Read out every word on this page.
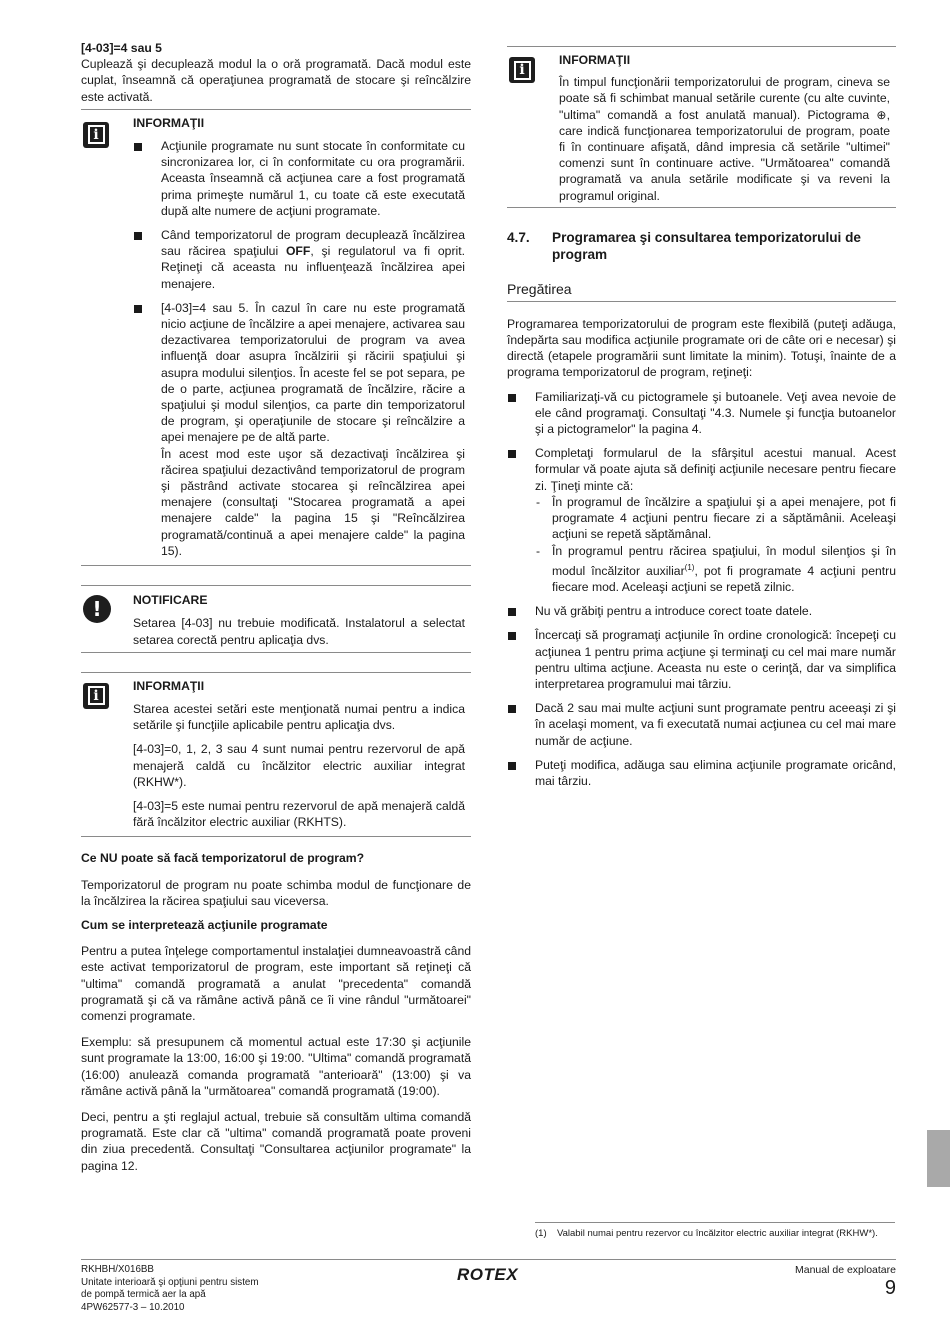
[4-03]=4 sau 5

Cuplează şi decuplează modul la o oră programată. Dacă modul este cuplat, înseamnă că operaţiunea programată de stocare şi reîncălzire este activată.

i
INFORMAŢII
Acţiunile programate nu sunt stocate în conformitate cu sincronizarea lor, ci în conformitate cu ora programării. Aceasta înseamnă că acţiunea care a fost programată prima primeşte numărul 1, cu toate că este executată după alte numere de acţiuni programate.
Când temporizatorul de program decuplează încălzirea sau răcirea spaţiului OFF, şi regulatorul va fi oprit. Reţineţi că aceasta nu influenţează încălzirea apei menajere.
[4-03]=4 sau 5. În cazul în care nu este programată nicio acţiune de încălzire a apei menajere, activarea sau dezactivarea temporizatorului de program va avea influenţă doar asupra încălzirii şi răcirii spaţiului şi asupra modului silenţios. În aceste fel se pot separa, pe de o parte, acţiunea programată de încălzire, răcire a spaţiului şi modul silenţios, ca parte din temporizatorul de program, şi operaţiunile de stocare şi reîncălzire a apei menajere pe de altă parte.
În acest mod este uşor să dezactivaţi încălzirea şi răcirea spaţiului dezactivând temporizatorul de program şi păstrând activate stocarea şi reîncălzirea apei menajere (consultaţi "Stocarea programată a apei menajere calde" la pagina 15 şi "Reîncălzirea programată/continuă a apei menajere calde" la pagina 15).
!	NOTIFICARE

Setarea [4-03] nu trebuie modificată. Instalatorul a selectat setarea corectă pentru aplicaţia dvs.

i
INFORMAŢII

Starea acestei setări este menţionată numai pentru a indica setările şi funcţiile aplicabile pentru aplicaţia dvs.

[4-03]=0, 1, 2, 3 sau 4 sunt numai pentru rezervorul de apă menajeră caldă cu încălzitor electric auxiliar integrat (RKHW*).

[4-03]=5 este numai pentru rezervorul de apă menajeră caldă fără încălzitor electric auxiliar (RKHTS).

Ce NU poate să facă temporizatorul de program?

Temporizatorul de program nu poate schimba modul de funcţionare de la încălzirea la răcirea spaţiului sau viceversa.

Cum se interpretează acţiunile programate

Pentru a putea înţelege comportamentul instalaţiei dumneavoastră când este activat temporizatorul de program, este important să reţineţi că "ultima" comandă programată a anulat "precedenta" comandă programată şi că va rămâne activă până ce îi vine rândul "următoarei" comenzi programate.

Exemplu: să presupunem că momentul actual este 17:30 şi acţiunile sunt programate la 13:00, 16:00 şi 19:00. "Ultima" comandă programată (16:00) anulează comanda programată "anterioară" (13:00) şi va rămâne activă până la "următoarea" comandă programată (19:00).

Deci, pentru a şti reglajul actual, trebuie să consultăm ultima comandă programată. Este clar că "ultima" comandă programată poate proveni din ziua precedentă. Consultaţi "Consultarea acţiunilor programate" la pagina 12.

i
INFORMAŢII

În timpul funcţionării temporizatorului de program, cineva se poate să fi schimbat manual setările curente (cu alte cuvinte, "ultima" comandă a fost anulată manual). Pictograma ⊕, care indică funcţionarea temporizatorului de program, poate fi în continuare afişată, dând impresia că setările "ultimei" comenzi sunt în continuare active. "Următoarea" comandă programată va anula setările modificate şi va reveni la programul original.

4.7.	Programarea şi consultarea temporizatorului de program
Pregătirea

Programarea temporizatorului de program este flexibilă (puteţi adăuga, îndepărta sau modifica acţiunile programate ori de câte ori e necesar) şi directă (etapele programării sunt limitate la minim). Totuşi, înainte de a programa temporizatorul de program, reţineţi:

Familiarizaţi-vă cu pictogramele şi butoanele. Veţi avea nevoie de ele când programaţi. Consultaţi "4.3. Numele şi funcţia butoanelor şi a pictogramelor" la pagina 4.
Completaţi formularul de la sfârşitul acestui manual. Acest formular vă poate ajuta să definiţi acţiunile necesare pentru fiecare zi. Ţineţi minte că:
- În programul de încălzire a spaţiului şi a apei menajere, pot fi programate 4 acţiuni pentru fiecare zi a săptămânii. Aceleaşi acţiuni se repetă săptămânal.
- În programul pentru răcirea spaţiului, în modul silenţios şi în modul încălzitor auxiliar$^{(1)}$, pot fi programate 4 acţiuni pentru fiecare mod. Aceleaşi acţiuni se repetă zilnic.
Nu vă grăbiţi pentru a introduce corect toate datele.
Încercaţi să programaţi acţiunile în ordine cronologică: începeţi cu acţiunea 1 pentru prima acţiune şi terminaţi cu cel mai mare număr pentru ultima acţiune. Aceasta nu este o cerinţă, dar va simplifica interpretarea programului mai târziu.
Dacă 2 sau mai multe acţiuni sunt programate pentru aceeaşi zi şi în acelaşi moment, va fi executată numai acţiunea cu cel mai mare număr de acţiune.
Puteţi modifica, adăuga sau elimina acţiunile programate oricând, mai târziu.
(1)	Valabil numai pentru rezervor cu încălzitor electric auxiliar integrat (RKHW*).
RKHBH/X016BB
Unitate interioară şi opţiuni pentru sistem
de pompă termică aer la apă
4PW62577-3 – 10.2010
ROTEX	Manual de exploatare
9
